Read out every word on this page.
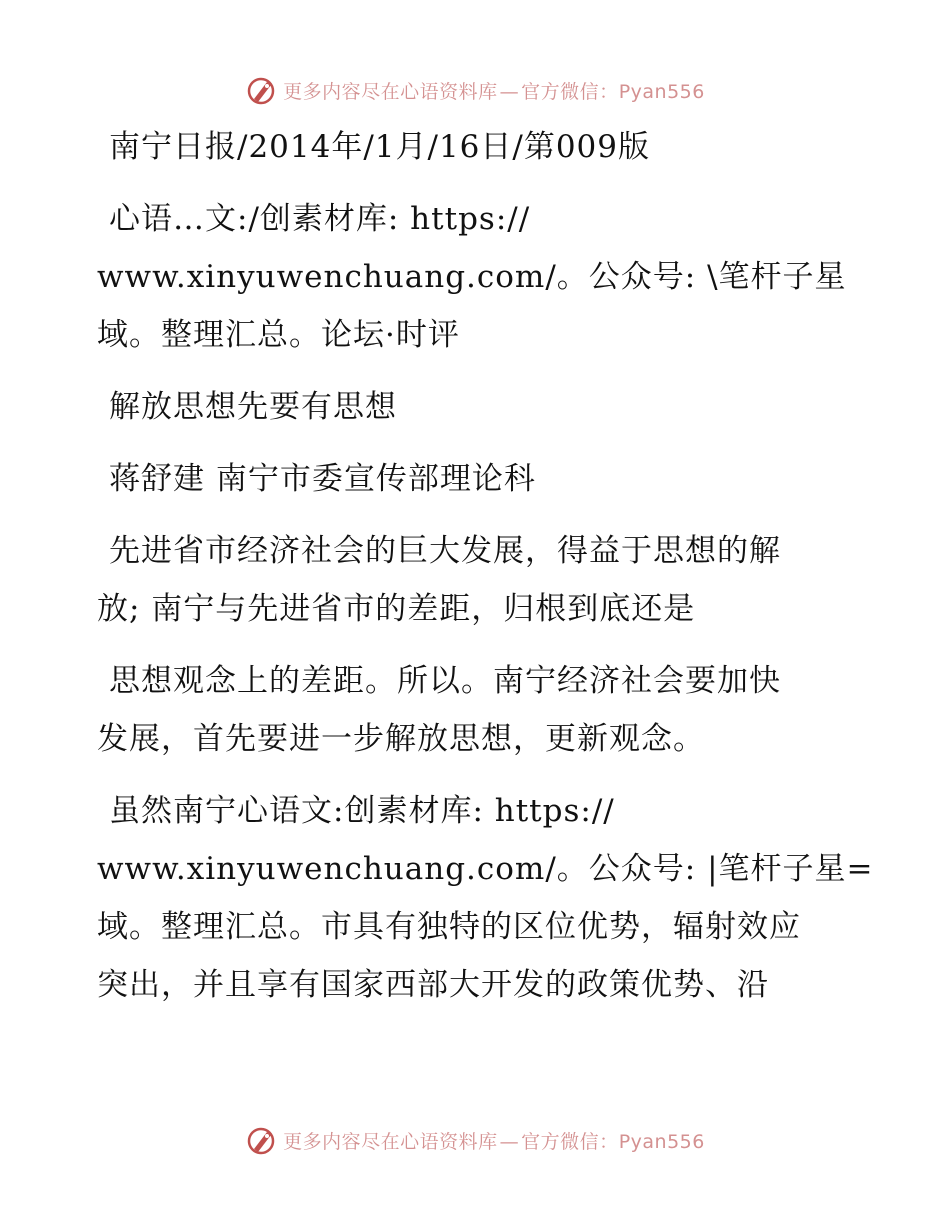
更多内容尽在心语资料库 — 官方微信：Pyan556
南宁日报/2014年/1月/16日/第009版
心语…文:/创素材库: https://
www.xinyuwenchuang.com/。公众号: \笔杆子星
域。整理汇总。论坛·时评
解放思想先要有思想
蒋舒建 南宁市委宣传部理论科
先进省市经济社会的巨大发展，得益于思想的解
放; 南宁与先进省市的差距，归根到底还是
思想观念上的差距。所以。南宁经济社会要加快
发展，首先要进一步解放思想，更新观念。
虽然南宁心语文:创素材库: https://
www.xinyuwenchuang.com/。公众号: |笔杆子星=
域。整理汇总。市具有独特的区位优势，辐射效应
突出，并且享有国家西部大开发的政策优势、沿
更多内容尽在心语资料库 — 官方微信：Pyan556
